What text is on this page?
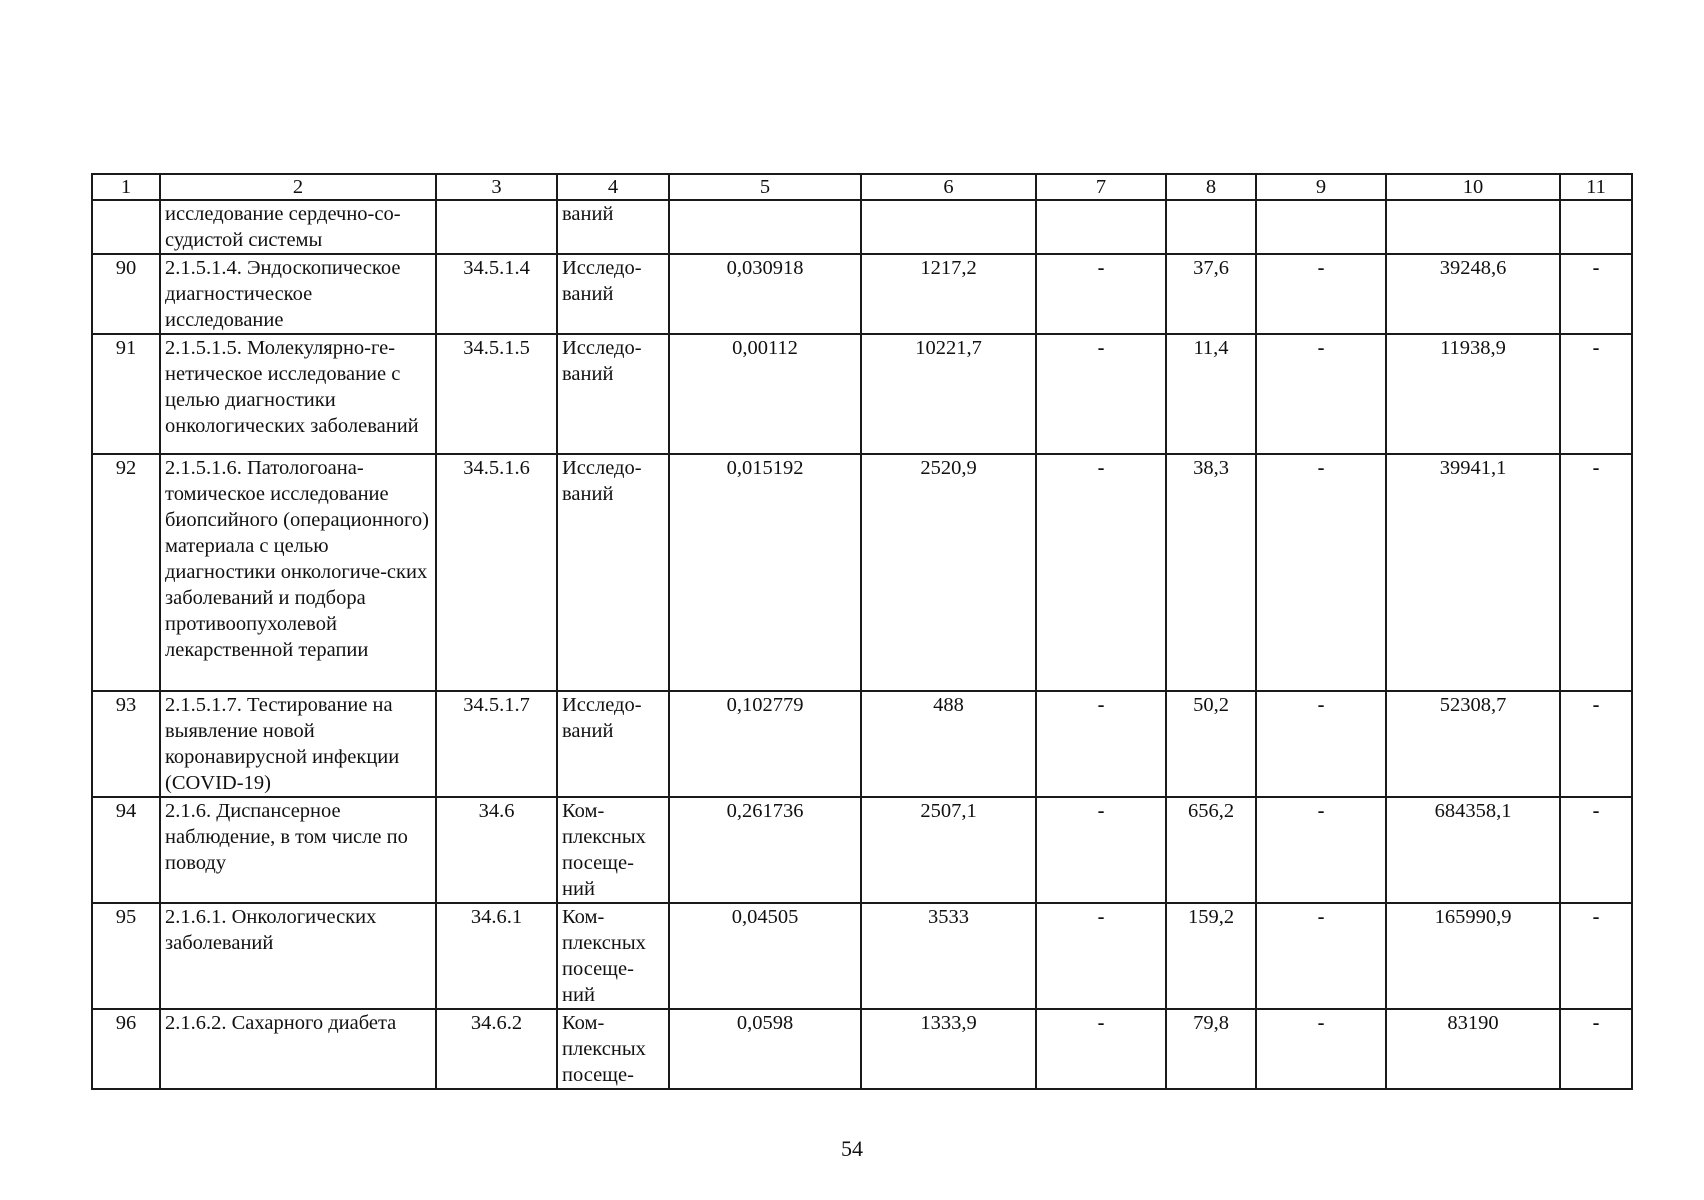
1	2	3	4	5	6	7	8	9	10	11
	исследование сердечно-со-судистой системы		ваний							
90	2.1.5.1.4. Эндоскопическое диагностическое исследование	34.5.1.4	Исследо-ваний	0,030918	1217,2	-	37,6	-	39248,6	-
91	2.1.5.1.5. Молекулярно-ге-нетическое исследование с целью диагностики онкологических заболеваний	34.5.1.5	Исследо-ваний	0,00112	10221,7	-	11,4	-	11938,9	-
92	2.1.5.1.6. Патологоана-томическое исследование биопсийного (операционного) материала с целью диагностики онкологиче-ских заболеваний и подбора противоопухолевой лекарственной терапии	34.5.1.6	Исследо-ваний	0,015192	2520,9	-	38,3	-	39941,1	-
93	2.1.5.1.7. Тестирование на выявление новой коронавирусной инфекции (COVID-19)	34.5.1.7	Исследо-ваний	0,102779	488	-	50,2	-	52308,7	-
94	2.1.6. Диспансерное наблюдение, в том числе по поводу	34.6	Ком-плексных посеще-ний	0,261736	2507,1	-	656,2	-	684358,1	-
95	2.1.6.1. Онкологических заболеваний	34.6.1	Ком-плексных посеще-ний	0,04505	3533	-	159,2	-	165990,9	-
96	2.1.6.2. Сахарного диабета	34.6.2	Ком-плексных посеще-	0,0598	1333,9	-	79,8	-	83190	-
54
